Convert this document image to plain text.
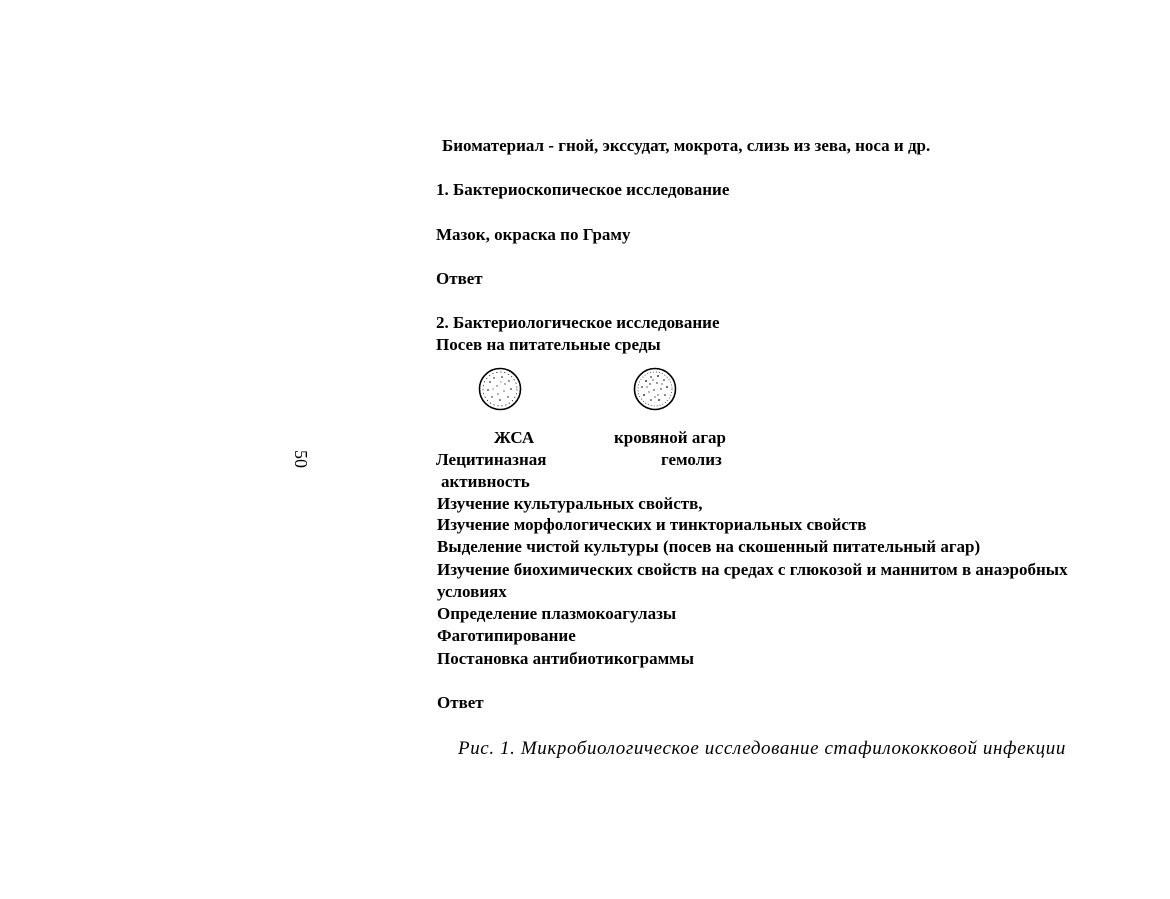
50
Биоматериал - гной, экссудат, мокрота, слизь из зева, носа и др.
1. Бактериоскопическое исследование
Мазок, окраска по Граму
Ответ
2. Бактериологическое исследование
Посев на питательные среды
ЖСА	кровяной агар
Лецитиназная	гемолиз
активность
Изучение культуральных свойств,
Изучение морфологических и тинкториальных свойств
Выделение чистой культуры (посев на скошенный питательный агар)
Изучение биохимических свойств на средах с глюкозой и маннитом в анаэробных
условиях
Определение плазмокоагулазы
Фаготипирование
Постановка антибиотикограммы
Ответ
Рис. 1. Микробиологическое исследование стафилококковой инфекции
